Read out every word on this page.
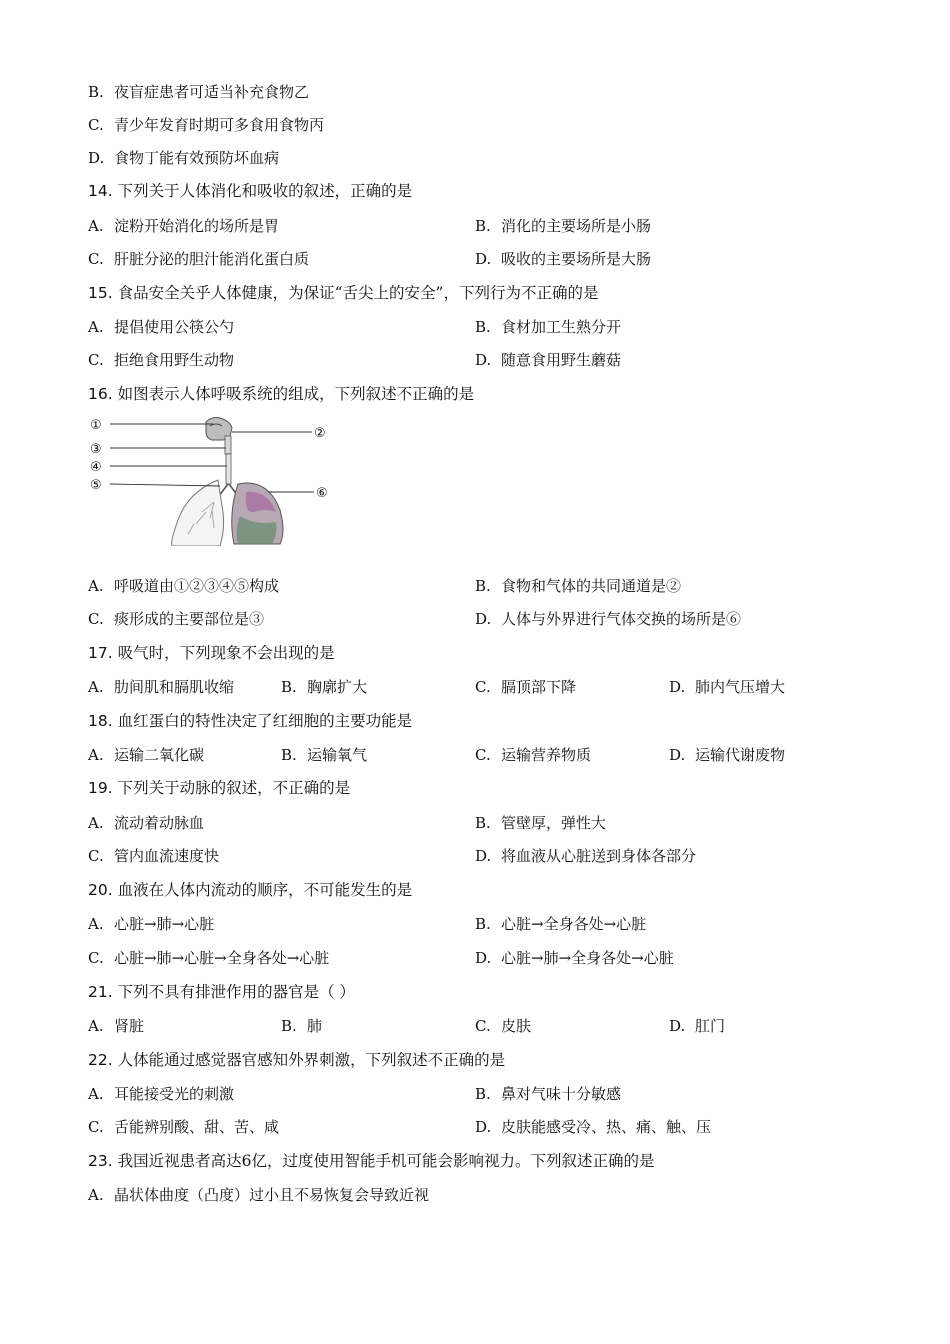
B. 夜盲症患者可适当补充食物乙
C. 青少年发育时期可多食用食物丙
D. 食物丁能有效预防坏血病
14. 下列关于人体消化和吸收的叙述，正确的是
A. 淀粉开始消化的场所是胃	B. 消化的主要场所是小肠
C. 肝脏分泌的胆汁能消化蛋白质	D. 吸收的主要场所是大肠
15. 食品安全关乎人体健康，为保证“舌尖上的安全”，下列行为不正确的是
A. 提倡使用公筷公勺	B. 食材加工生熟分开
C. 拒绝食用野生动物	D. 随意食用野生蘑菇
16. 如图表示人体呼吸系统的组成，下列叙述不正确的是
①
②
③
④
⑤
⑥
A. 呼吸道由①②③④⑤构成	B. 食物和气体的共同通道是②
C. 痰形成的主要部位是③	D. 人体与外界进行气体交换的场所是⑥
17. 吸气时，下列现象不会出现的是
A. 肋间肌和膈肌收缩	B. 胸廓扩大	C. 膈顶部下降	D. 肺内气压增大
18. 血红蛋白的特性决定了红细胞的主要功能是
A. 运输二氧化碳	B. 运输氧气	C. 运输营养物质	D. 运输代谢废物
19. 下列关于动脉的叙述，不正确的是
A. 流动着动脉血	B. 管壁厚，弹性大
C. 管内血流速度快	D. 将血液从心脏送到身体各部分
20. 血液在人体内流动的顺序，不可能发生的是
A. 心脏→肺→心脏	B. 心脏→全身各处→心脏
C. 心脏→肺→心脏→全身各处→心脏	D. 心脏→肺→全身各处→心脏
21. 下列不具有排泄作用的器官是（ ）
A. 肾脏	B. 肺	C. 皮肤	D. 肛门
22. 人体能通过感觉器官感知外界刺激，下列叙述不正确的是
A. 耳能接受光的刺激	B. 鼻对气味十分敏感
C. 舌能辨别酸、甜、苦、咸	D. 皮肤能感受冷、热、痛、触、压
23. 我国近视患者高达6亿，过度使用智能手机可能会影响视力。下列叙述正确的是
A. 晶状体曲度（凸度）过小且不易恢复会导致近视
